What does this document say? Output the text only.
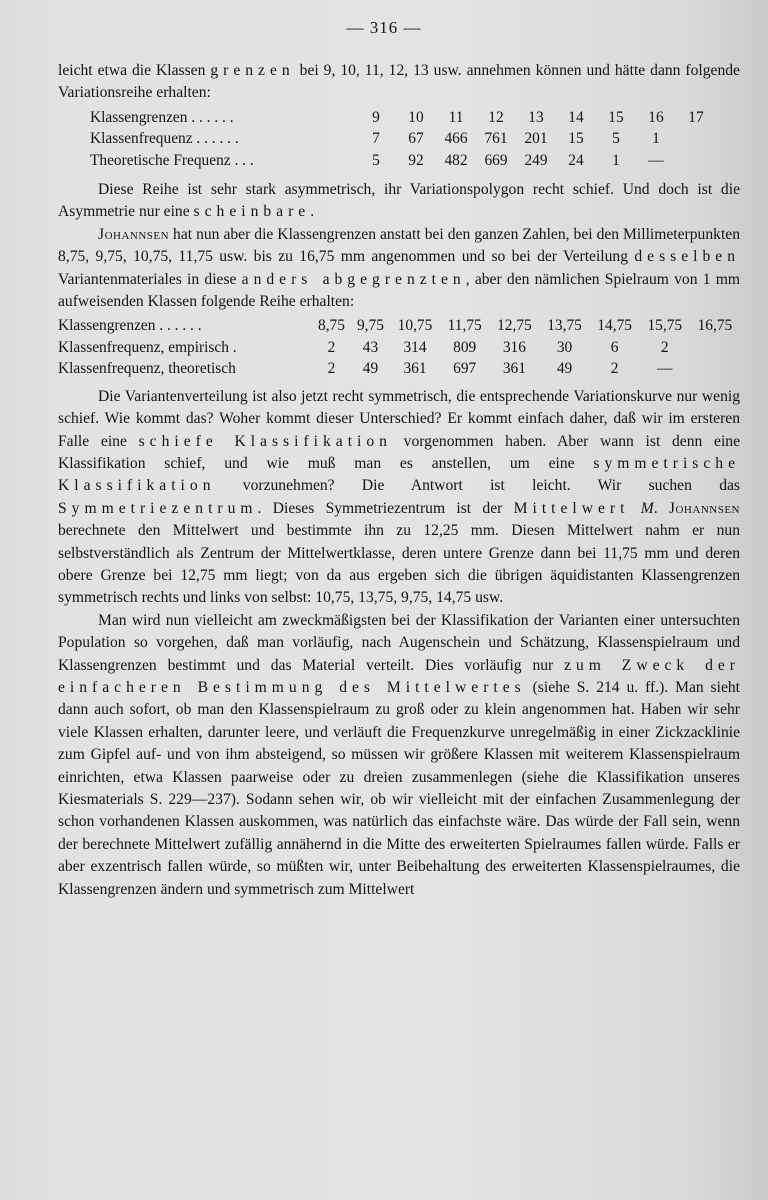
— 316 —

leicht etwa die Klassen grenzen bei 9, 10, 11, 12, 13 usw. annehmen können und hätte dann folgende Variationsreihe erhalten:

Klassengrenzen . . . . . .	9	10	11	12	13	14	15	16	17
Klassenfrequenz . . . . . .	7	67	466	761	201	15	5	1	
Theoretische Frequenz . . .	5	92	482	669	249	24	1	—	

Diese Reihe ist sehr stark asymmetrisch, ihr Variationspolygon recht schief. Und doch ist die Asymmetrie nur eine scheinbare.

Johannsen hat nun aber die Klassengrenzen anstatt bei den ganzen Zahlen, bei den Millimeterpunkten 8,75, 9,75, 10,75, 11,75 usw. bis zu 16,75 mm angenommen und so bei der Verteilung desselben Variantenmateriales in diese anders abgegrenzten, aber den nämlichen Spielraum von 1 mm aufweisenden Klassen folgende Reihe erhalten:

Klassengrenzen . . . . . .	8,75	9,75	10,75	11,75	12,75	13,75	14,75	15,75	16,75
Klassenfrequenz, empirisch .	2	43	314	809	316	30	6	2	
Klassenfrequenz, theoretisch	2	49	361	697	361	49	2	—	

Die Variantenverteilung ist also jetzt recht symmetrisch, die entsprechende Variationskurve nur wenig schief. Wie kommt das? Woher kommt dieser Unterschied? Er kommt einfach daher, daß wir im ersteren Falle eine schiefe Klassifikation vorgenommen haben. Aber wann ist denn eine Klassifikation schief, und wie muß man es anstellen, um eine symmetrische Klassifikation vorzunehmen? Die Antwort ist leicht. Wir suchen das Symmetriezentrum. Dieses Symmetriezentrum ist der Mittelwert M. Johannsen berechnete den Mittelwert und bestimmte ihn zu 12,25 mm. Diesen Mittelwert nahm er nun selbstverständlich als Zentrum der Mittelwertklasse, deren untere Grenze dann bei 11,75 mm und deren obere Grenze bei 12,75 mm liegt; von da aus ergeben sich die übrigen äquidistanten Klassengrenzen symmetrisch rechts und links von selbst: 10,75, 13,75, 9,75, 14,75 usw.

Man wird nun vielleicht am zweckmäßigsten bei der Klassifikation der Varianten einer untersuchten Population so vorgehen, daß man vorläufig, nach Augenschein und Schätzung, Klassenspielraum und Klassengrenzen bestimmt und das Material verteilt. Dies vorläufig nur zum Zweck der einfacheren Bestimmung des Mittelwertes (siehe S. 214 u. ff.). Man sieht dann auch sofort, ob man den Klassenspielraum zu groß oder zu klein angenommen hat. Haben wir sehr viele Klassen erhalten, darunter leere, und verläuft die Frequenzkurve unregelmäßig in einer Zickzacklinie zum Gipfel auf- und von ihm absteigend, so müssen wir größere Klassen mit weiterem Klassenspielraum einrichten, etwa Klassen paarweise oder zu dreien zusammenlegen (siehe die Klassifikation unseres Kiesmaterials S. 229—237). Sodann sehen wir, ob wir vielleicht mit der einfachen Zusammenlegung der schon vorhandenen Klassen auskommen, was natürlich das einfachste wäre. Das würde der Fall sein, wenn der berechnete Mittelwert zufällig annähernd in die Mitte des erweiterten Spielraumes fallen würde. Falls er aber exzentrisch fallen würde, so müßten wir, unter Beibehaltung des erweiterten Klassenspielraumes, die Klassengrenzen ändern und symmetrisch zum Mittelwert
